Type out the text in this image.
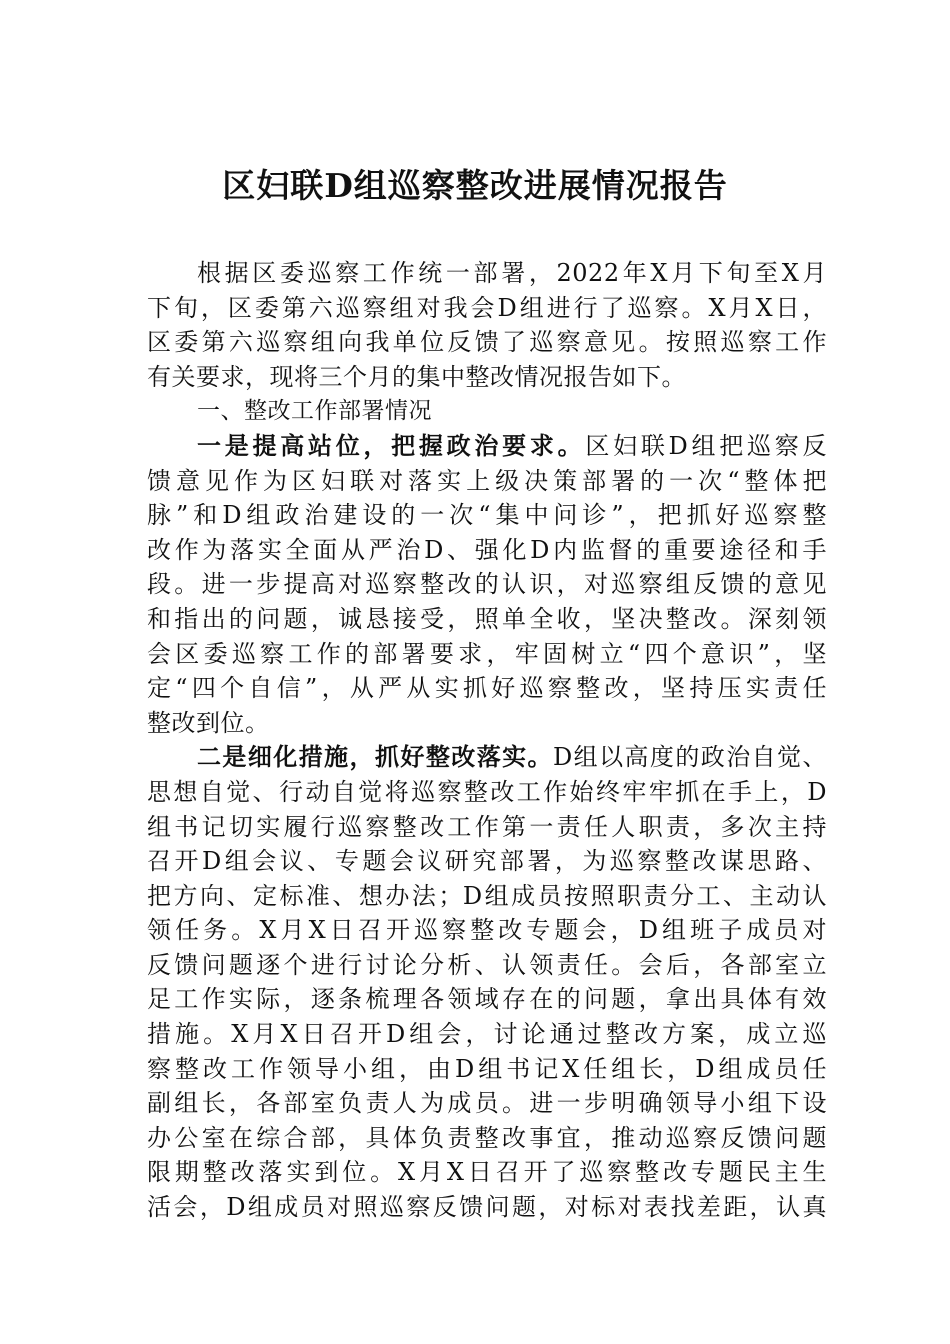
区妇联D组巡察整改进展情况报告
根据区委巡察工作统一部署，2022年X月下旬至X月
下旬，区委第六巡察组对我会D组进行了巡察。X月X日，
区委第六巡察组向我单位反馈了巡察意见。按照巡察工作
有关要求，现将三个月的集中整改情况报告如下。
一、整改工作部署情况
一是提高站位，把握政治要求。区妇联D组把巡察反
馈意见作为区妇联对落实上级决策部署的一次“整体把
脉”和D组政治建设的一次“集中问诊”，把抓好巡察整
改作为落实全面从严治D、强化D内监督的重要途径和手
段。进一步提高对巡察整改的认识，对巡察组反馈的意见
和指出的问题，诚恳接受，照单全收，坚决整改。深刻领
会区委巡察工作的部署要求，牢固树立“四个意识”，坚
定“四个自信”，从严从实抓好巡察整改，坚持压实责任
整改到位。
二是细化措施，抓好整改落实。D组以高度的政治自觉、
思想自觉、行动自觉将巡察整改工作始终牢牢抓在手上，D
组书记切实履行巡察整改工作第一责任人职责，多次主持
召开D组会议、专题会议研究部署，为巡察整改谋思路、
把方向、定标准、想办法；D组成员按照职责分工、主动认
领任务。X月X日召开巡察整改专题会，D组班子成员对
反馈问题逐个进行讨论分析、认领责任。会后，各部室立
足工作实际，逐条梳理各领域存在的问题，拿出具体有效
措施。X月X日召开D组会，讨论通过整改方案，成立巡
察整改工作领导小组，由D组书记X任组长，D组成员任
副组长，各部室负责人为成员。进一步明确领导小组下设
办公室在综合部，具体负责整改事宜，推动巡察反馈问题
限期整改落实到位。X月X日召开了巡察整改专题民主生
活会，D组成员对照巡察反馈问题，对标对表找差距，认真
